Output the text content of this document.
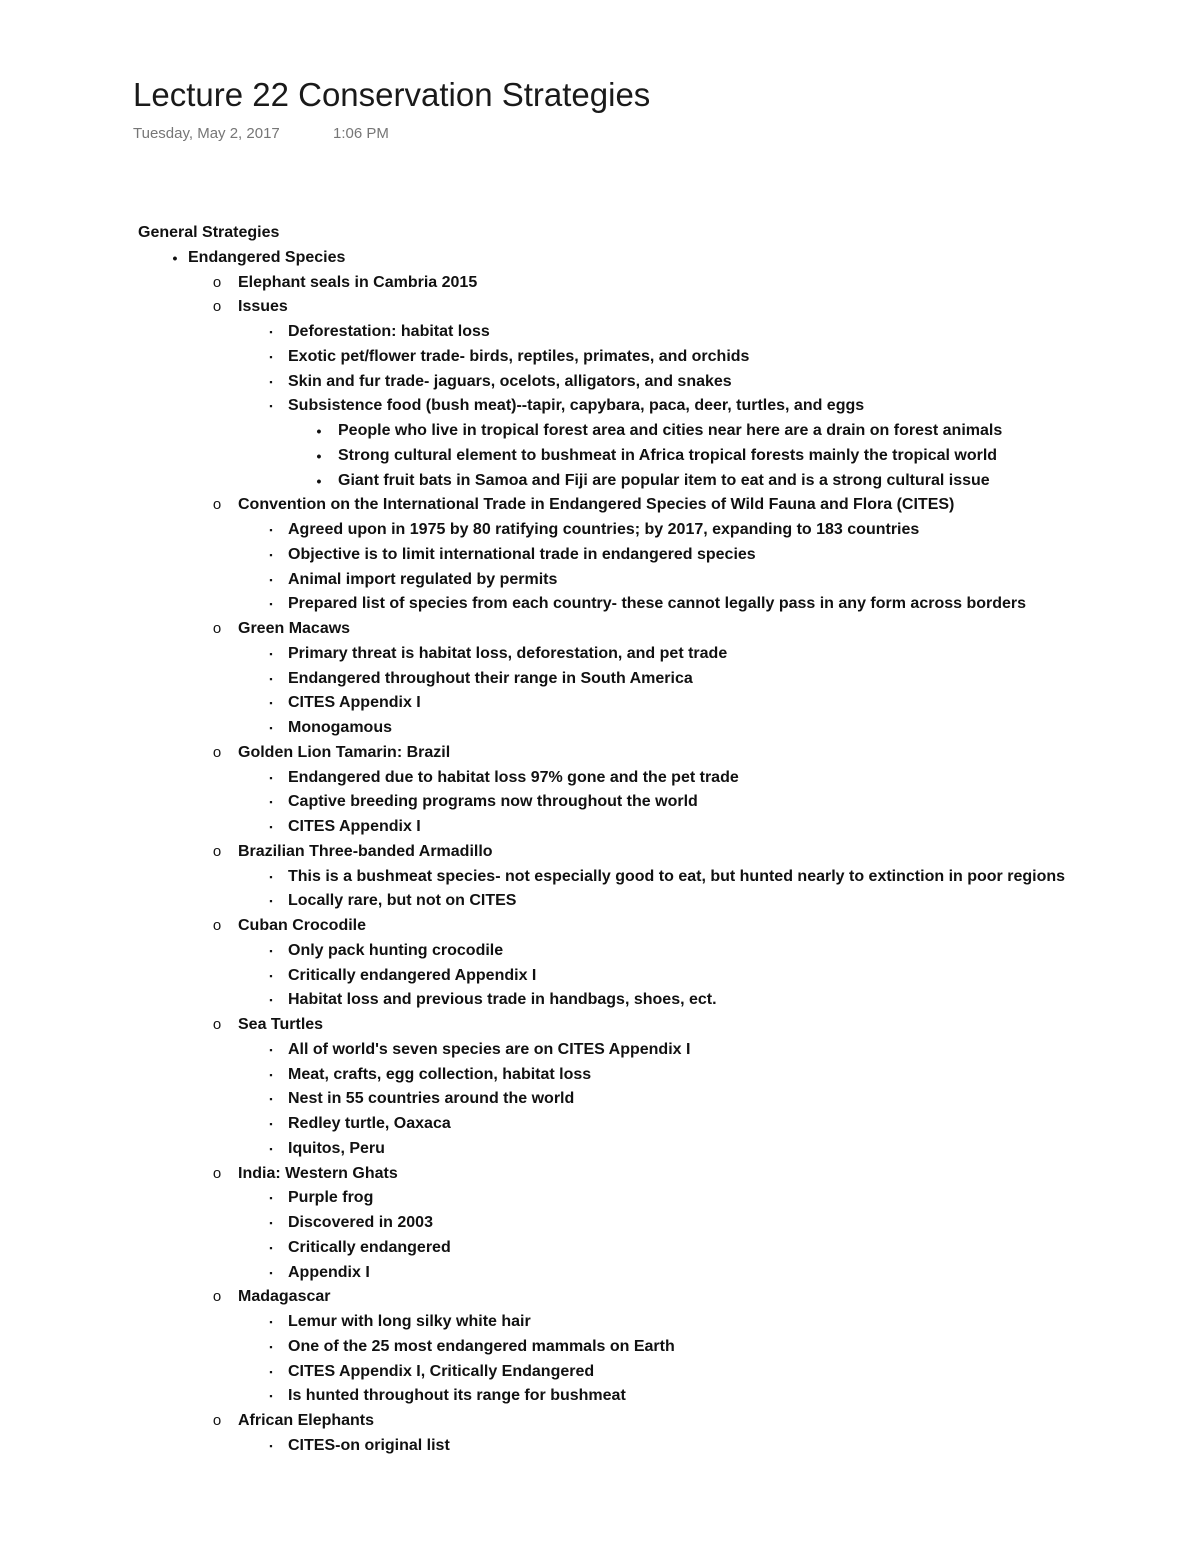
Lecture 22 Conservation Strategies
Tuesday, May 2, 2017	1:06 PM
General Strategies
• Endangered Species
o Elephant seals in Cambria 2015
o Issues
▪ Deforestation: habitat loss
▪ Exotic pet/flower trade- birds, reptiles, primates, and orchids
▪ Skin and fur trade- jaguars, ocelots, alligators, and snakes
▪ Subsistence food (bush meat)--tapir, capybara, paca, deer, turtles, and eggs
• People who live in tropical forest area and cities near here are a drain on forest animals
• Strong cultural element to bushmeat in Africa tropical forests mainly the tropical world
• Giant fruit bats in Samoa and Fiji are popular item to eat and is a strong cultural issue
o Convention on the International Trade in Endangered Species of Wild Fauna and Flora (CITES)
▪ Agreed upon in 1975 by 80 ratifying countries; by 2017, expanding to 183 countries
▪ Objective is to limit international trade in endangered species
▪ Animal import regulated by permits
▪ Prepared list of species from each country- these cannot legally pass in any form across borders
o Green Macaws
▪ Primary threat is habitat loss, deforestation, and pet trade
▪ Endangered throughout their range in South America
▪ CITES Appendix I
▪ Monogamous
o Golden Lion Tamarin: Brazil
▪ Endangered due to habitat loss 97% gone and the pet trade
▪ Captive breeding programs now throughout the world
▪ CITES Appendix I
o Brazilian Three-banded Armadillo
▪ This is a bushmeat species- not especially good to eat, but hunted nearly to extinction in poor regions
▪ Locally rare, but not on CITES
o Cuban Crocodile
▪ Only pack hunting crocodile
▪ Critically endangered Appendix I
▪ Habitat loss and previous trade in handbags, shoes, ect.
o Sea Turtles
▪ All of world's seven species are on CITES Appendix I
▪ Meat, crafts, egg collection, habitat loss
▪ Nest in 55 countries around the world
▪ Redley turtle, Oaxaca
▪ Iquitos, Peru
o India: Western Ghats
▪ Purple frog
▪ Discovered in 2003
▪ Critically endangered
▪ Appendix I
o Madagascar
▪ Lemur with long silky white hair
▪ One of the 25 most endangered mammals on Earth
▪ CITES Appendix I, Critically Endangered
▪ Is hunted throughout its range for bushmeat
o African Elephants
▪ CITES-on original list
